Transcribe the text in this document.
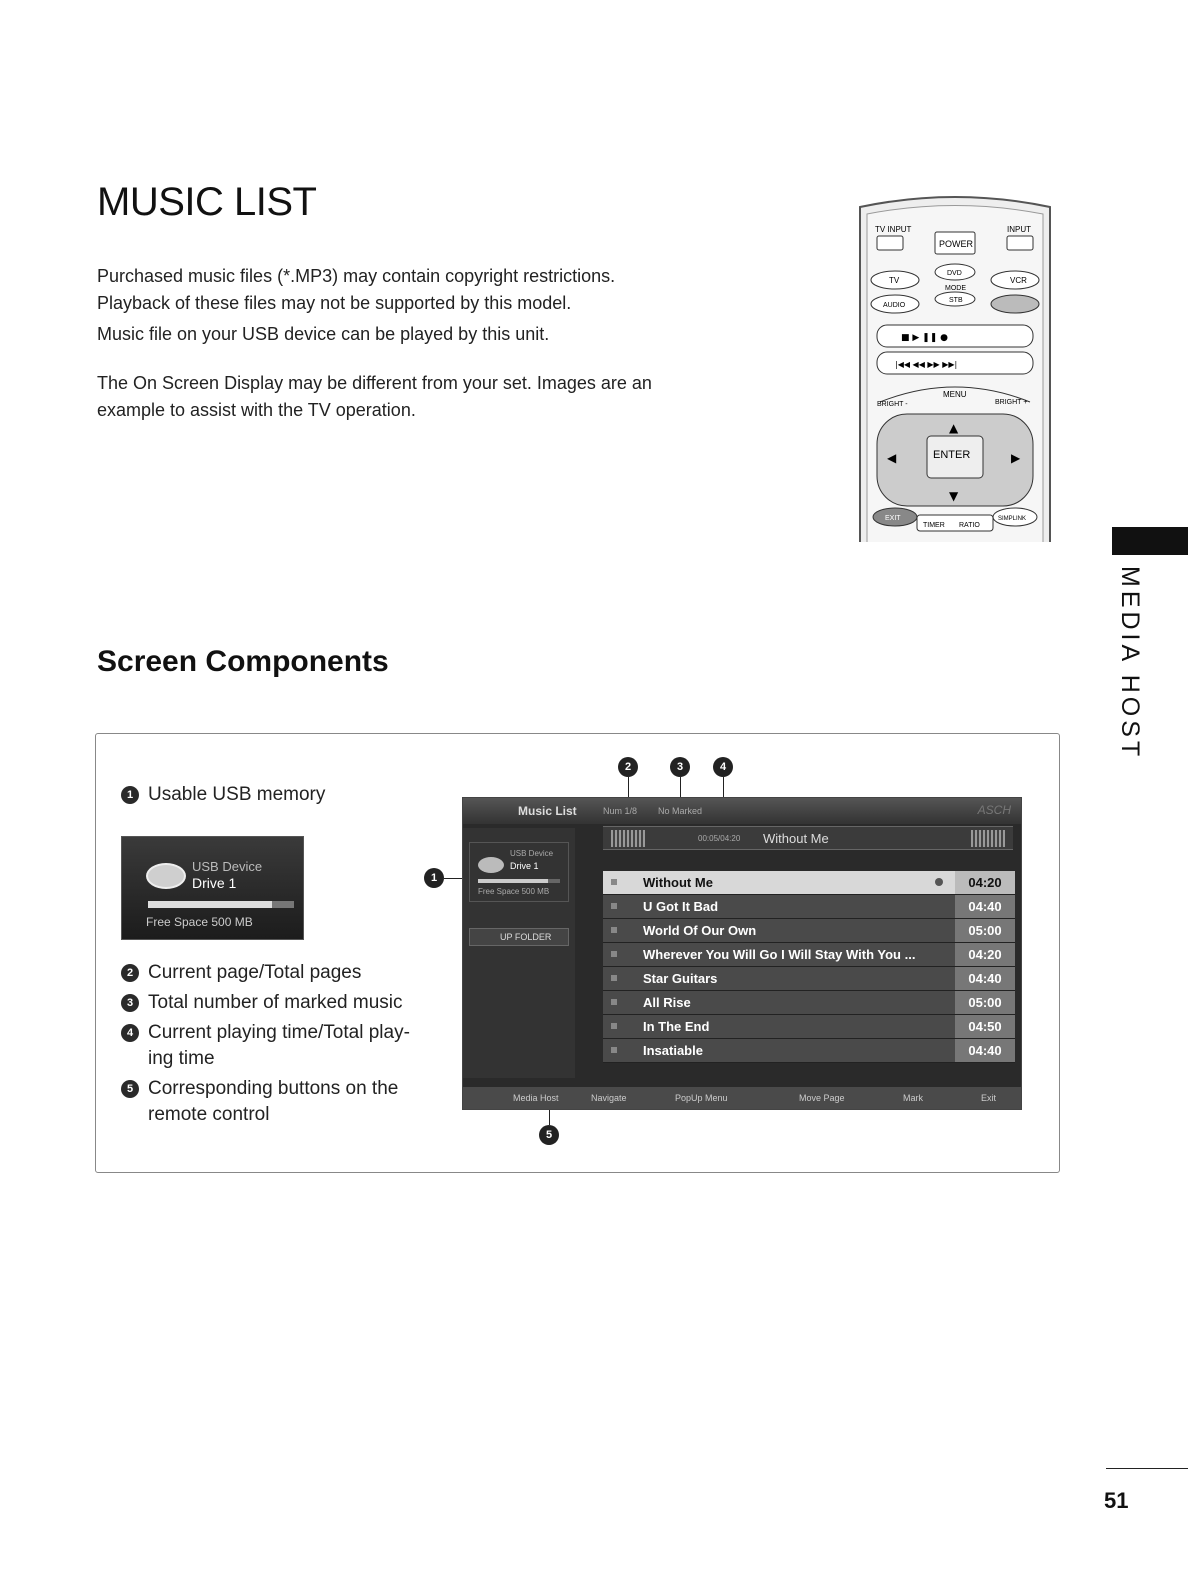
MUSIC LIST

Purchased music files (*.MP3) may contain copyright restrictions.

Playback of these files may not be supported by this model.

Music file on your USB device can be played by this unit.

The On Screen Display may be different from your set. Images are an example to assist with the TV operation.

TV INPUT
POWER
INPUT
TV
DVD
VCR
MODE
AUDIO
STB
■ ▶ ❚❚ ●
|◀◀ ◀◀ ▶▶ ▶▶|
BRIGHT -
MENU
BRIGHT +
ENTER
▲
▼
◀	▶
EXIT
TIMER RATIO
SIMPLINK
MEDIA HOST
Screen Components
1 Usable USB memory
USB Device
Drive 1
Free Space 500 MB
2 Current page/Total pages
3 Total number of marked music
4 Current playing time/Total play-
ing time
5 Corresponding buttons on the
remote control
1
2	3	4
5
Music List	Num 1/8 No Marked	ASCH
00:05/04:20 Without Me
USB Device
Drive 1
Free Space 500 MB
UP FOLDER
Without Me	04:20
U Got It Bad	04:40
World Of Our Own	05:00
Wherever You Will Go I Will Stay With You ...	04:20
Star Guitars	04:40
All Rise	05:00
In The End	04:50
Insatiable	04:40
Media Host	Navigate	PopUp Menu	Move Page	Mark	Exit
51
